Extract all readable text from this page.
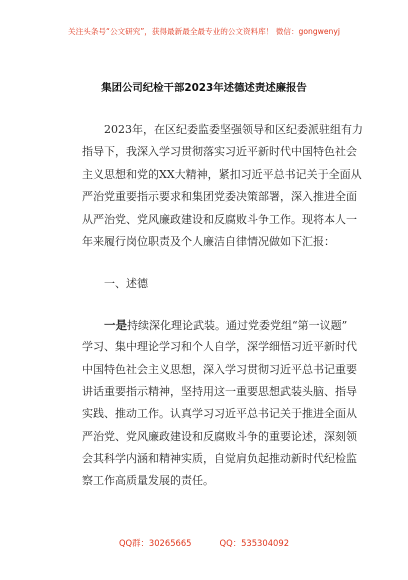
关注头条号“公文研究”，获得最新最全最专业的公文资料库！ 微信：gongwenyj
集团公司纪检干部2023年述德述责述廉报告
2023年，在区纪委监委坚强领导和区纪委派驻组有力
指导下，我深入学习贯彻落实习近平新时代中国特色社会
主义思想和党的XX大精神，紧扣习近平总书记关于全面从
严治党重要指示要求和集团党委决策部署，深入推进全面
从严治党、党风廉政建设和反腐败斗争工作。现将本人一
年来履行岗位职责及个人廉洁自律情况做如下汇报：
一、述德
一是持续深化理论武装。通过党委党组“第一议题”
学习、集中理论学习和个人自学，深学细悟习近平新时代
中国特色社会主义思想，深入学习贯彻习近平总书记重要
讲话重要指示精神，坚持用这一重要思想武装头脑、指导
实践、推动工作。认真学习习近平总书记关于推进全面从
严治党、党风廉政建设和反腐败斗争的重要论述，深刻领
会其科学内涵和精神实质，自觉肩负起推动新时代纪检监
察工作高质量发展的责任。
QQ群：30265665	QQ：535304092
